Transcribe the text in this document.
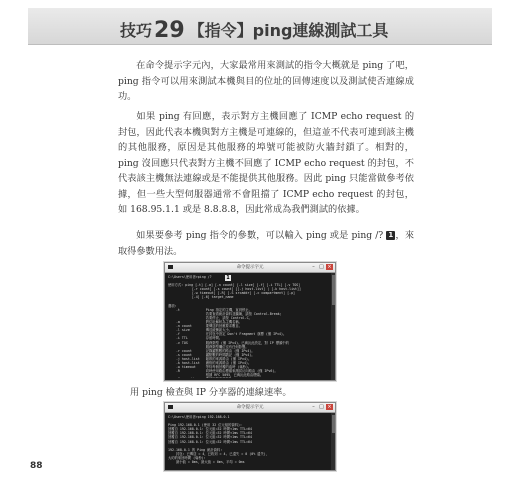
技巧29 【指令】ping連線測試工具

在命令提示字元內，大家最常用來測試的指令大概就是 ping 了吧，ping 指令可以用來測試本機與目的位址的回傳速度以及測試使否連線成功。

如果 ping 有回應，表示對方主機回應了 ICMP echo request 的封包，因此代表本機與對方主機是可連線的，但這並不代表可連到該主機的其他服務，原因是其他服務的埠號可能被防火牆封鎖了。相對的，ping 沒回應只代表對方主機不回應了 ICMP echo request 的封包，不代表該主機無法連線或是不能提供其他服務。因此 ping 只能當做參考依據，但一些大型伺服器通常不會阻擋了 ICMP echo request 的封包，如 168.95.1.1 或是 8.8.8.8，因此常成為我們測試的依據。

如果要參考 ping 指令的參數，可以輸入 ping 或是 ping /? 1 ，來取得參數用法。

命令提示字元	– □ ×
C:\Users\使用者>ping /?

使用方式: ping [-t] [-a] [-n count] [-l size] [-f] [-i TTL] [-v TOS]
[-r count] [-s count] [[-j host-list] | [-k host-list]]
[-w timeout] [-R] [-S srcaddr] [-c compartment] [-p]
[-4] [-6] target_name

選項:
-t             Ping 指定的主機，直到停止。
若要查看統計資料並繼續，請按 Control-Break;
若要停止，請按 Control-C。
-a             將位址解析為主機名稱。
-n count       要傳送的回應要求數目。
-l size        傳送緩衝區大小。
-f             在封包中設定 Don't Fragment 旗標 (僅 IPv4)。
-i TTL         存留時間。
-v TOS         服務類型 (僅 IPv4)。已淘汰此設定，對 IP 標頭中的
服務類型欄位沒有任何影響。
-r count       記錄躍點數的路由 (僅 IPv4)。
-s count       躍點數的時間戳記 (僅 IPv4)。
-j host-list   鬆散的來源路由 (僅 IPv4)。
-k host-list   嚴格的來源路由 (僅 IPv4)。
-w timeout     等待每個回覆的逾時 (毫秒)。
-R             同時使用路由標頭來測試反向路由 (僅 IPv6)。
根據 RFC 5095，已淘汰此路由標頭。
1
用 ping 檢查與 IP 分享器的連線速率。
命令提示字元	– □ ×
C:\Users\使用者>ping 192.168.0.1

Ping 192.168.0.1 (使用 32 位元組的資料):
回覆自 192.168.0.1: 位元組=32 時間<1ms TTL=64
回覆自 192.168.0.1: 位元組=32 時間<1ms TTL=64
回覆自 192.168.0.1: 位元組=32 時間<1ms TTL=64
回覆自 192.168.0.1: 位元組=32 時間<1ms TTL=64

192.168.0.1 的 Ping 統計資料:
封包: 已傳送 = 4，已收到 = 4, 已遺失 = 0 (0% 遺失)，
大約的來回時間 (毫秒):
最小值 = 0ms，最大值 = 0ms，平均 = 0ms
88
